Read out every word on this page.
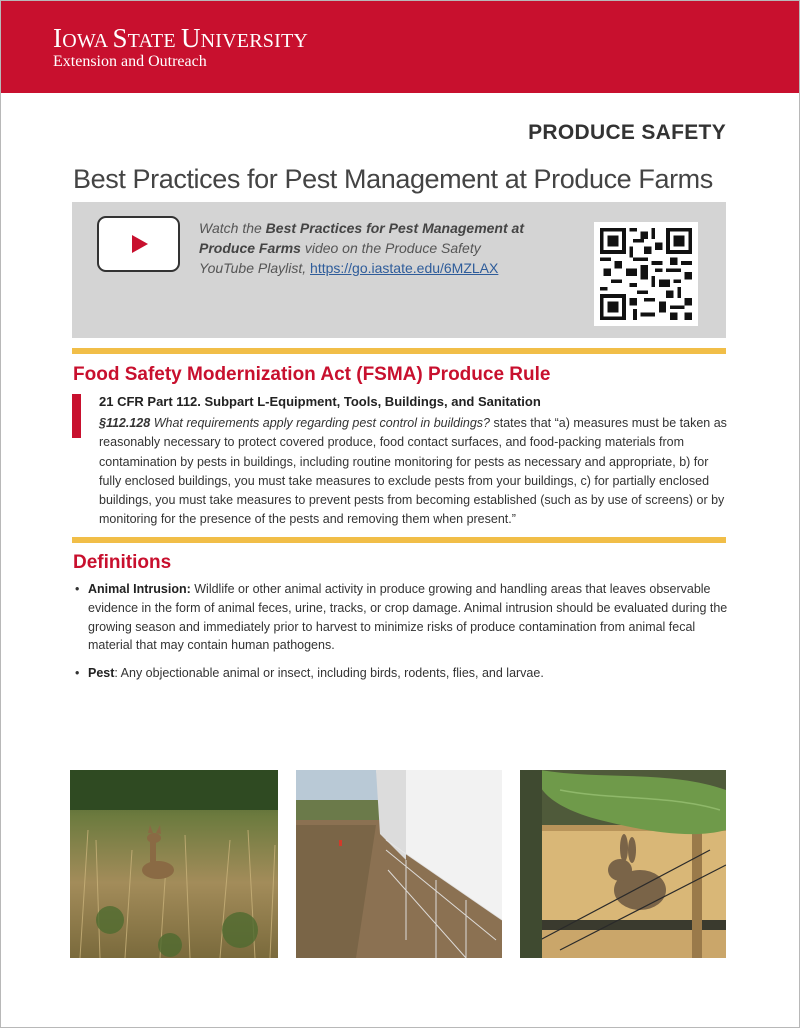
IOWA STATE UNIVERSITY
Extension and Outreach
PRODUCE SAFETY
Best Practices for Pest Management at Produce Farms
Watch the Best Practices for Pest Management at Produce Farms video on the Produce Safety YouTube Playlist, https://go.iastate.edu/6MZLAX
Food Safety Modernization Act (FSMA) Produce Rule
21 CFR Part 112. Subpart L-Equipment, Tools, Buildings, and Sanitation
§112.128 What requirements apply regarding pest control in buildings? states that “a) measures must be taken as reasonably necessary to protect covered produce, food contact surfaces, and food-packing materials from contamination by pests in buildings, including routine monitoring for pests as necessary and appropriate, b) for fully enclosed buildings, you must take measures to exclude pests from your buildings, c) for partially enclosed buildings, you must take measures to prevent pests from becoming established (such as by use of screens) or by monitoring for the presence of the pests and removing them when present.”
Definitions
• Animal Intrusion: Wildlife or other animal activity in produce growing and handling areas that leaves observable evidence in the form of animal feces, urine, tracks, or crop damage. Animal intrusion should be evaluated during the growing season and immediately prior to harvest to minimize risks of produce contamination from animal fecal material that may contain human pathogens.
• Pest: Any objectionable animal or insect, including birds, rodents, flies, and larvae.
